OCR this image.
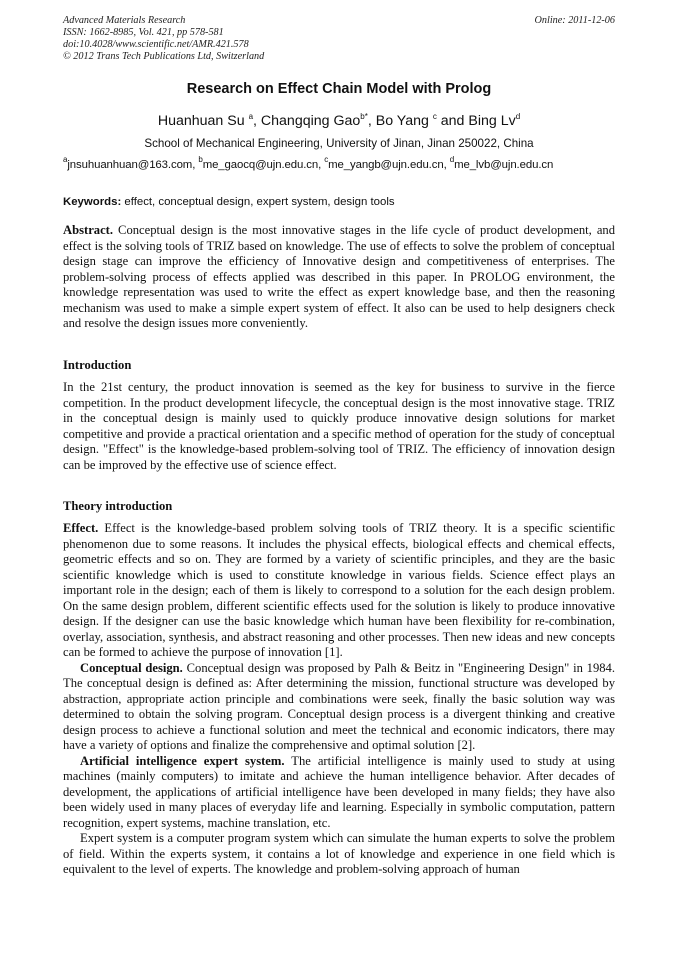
Advanced Materials Research
ISSN: 1662-8985, Vol. 421, pp 578-581
doi:10.4028/www.scientific.net/AMR.421.578
© 2012 Trans Tech Publications Ltd, Switzerland
Online: 2011-12-06
Research on Effect Chain Model with Prolog
Huanhuan Su $^a$, Changqing Gao$^{b*}$, Bo Yang $^c$ and Bing Lv$^d$
School of Mechanical Engineering, University of Jinan, Jinan 250022, China
$^a$jnsuhuanhuan@163.com, $^b$me_gaocq@ujn.edu.cn, $^c$me_yangb@ujn.edu.cn, $^d$me_lvb@ujn.edu.cn
Keywords: effect, conceptual design, expert system, design tools

Abstract. Conceptual design is the most innovative stages in the life cycle of product development, and effect is the solving tools of TRIZ based on knowledge. The use of effects to solve the problem of conceptual design stage can improve the efficiency of Innovative design and competitiveness of enterprises. The problem-solving process of effects applied was described in this paper. In PROLOG environment, the knowledge representation was used to write the effect as expert knowledge base, and then the reasoning mechanism was used to make a simple expert system of effect. It also can be used to help designers check and resolve the design issues more conveniently.

Introduction

In the 21st century, the product innovation is seemed as the key for business to survive in the fierce competition. In the product development lifecycle, the conceptual design is the most innovative stage. TRIZ in the conceptual design is mainly used to quickly produce innovative design solutions for market competitive and provide a practical orientation and a specific method of operation for the study of conceptual design. "Effect" is the knowledge-based problem-solving tool of TRIZ. The efficiency of innovation design can be improved by the effective use of science effect.

Theory introduction

Effect. Effect is the knowledge-based problem solving tools of TRIZ theory. It is a specific scientific phenomenon due to some reasons. It includes the physical effects, biological effects and chemical effects, geometric effects and so on. They are formed by a variety of scientific principles, and they are the basic scientific knowledge which is used to constitute knowledge in various fields. Science effect plays an important role in the design; each of them is likely to correspond to a solution for the each design problem. On the same design problem, different scientific effects used for the solution is likely to produce innovative design. If the designer can use the basic knowledge which human have been flexibility for re-combination, overlay, association, synthesis, and abstract reasoning and other processes. Then new ideas and new concepts can be formed to achieve the purpose of innovation [1].

Conceptual design. Conceptual design was proposed by Palh & Beitz in "Engineering Design" in 1984. The conceptual design is defined as: After determining the mission, functional structure was developed by abstraction, appropriate action principle and combinations were seek, finally the basic solution way was determined to obtain the solving program. Conceptual design process is a divergent thinking and creative design process to achieve a functional solution and meet the technical and economic indicators, there may have a variety of options and finalize the comprehensive and optimal solution [2].

Artificial intelligence expert system. The artificial intelligence is mainly used to study at using machines (mainly computers) to imitate and achieve the human intelligence behavior. After decades of development, the applications of artificial intelligence have been developed in many fields; they have also been widely used in many places of everyday life and learning. Especially in symbolic computation, pattern recognition, expert systems, machine translation, etc.

Expert system is a computer program system which can simulate the human experts to solve the problem of field. Within the experts system, it contains a lot of knowledge and experience in one field which is equivalent to the level of experts. The knowledge and problem-solving approach of human
